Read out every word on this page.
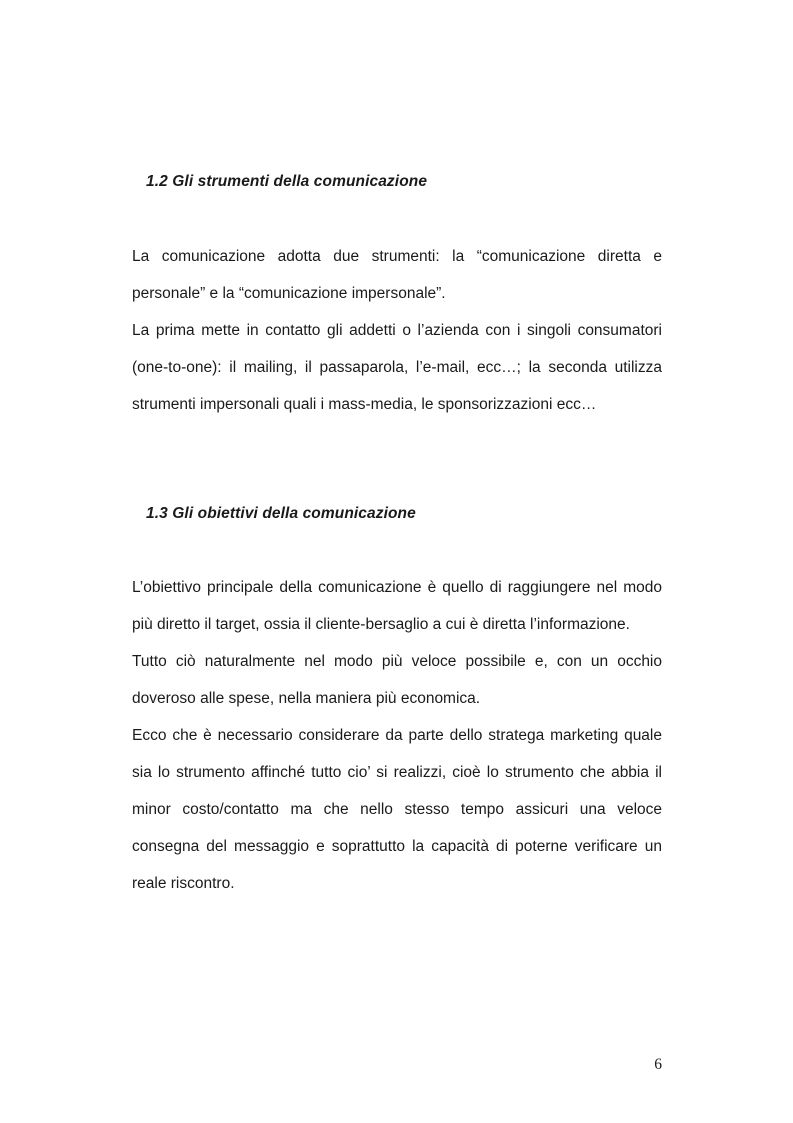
1.2 Gli strumenti della comunicazione

La comunicazione adotta due strumenti: la “comunicazione diretta e personale” e la “comunicazione impersonale”.

La prima mette in contatto gli addetti o l’azienda con i singoli consumatori (one-to-one): il mailing, il passaparola, l’e-mail, ecc…; la seconda utilizza strumenti impersonali quali i mass-media, le sponsorizzazioni ecc…

1.3 Gli obiettivi della comunicazione

L’obiettivo principale della comunicazione è quello di raggiungere nel modo più diretto il target, ossia il cliente-bersaglio a cui è diretta l’informazione.

Tutto ciò naturalmente nel modo più veloce possibile e, con un occhio doveroso alle spese, nella maniera più economica.

Ecco che è necessario considerare da parte dello stratega marketing quale sia lo strumento affinché tutto cio’ si realizzi, cioè lo strumento che abbia il minor costo/contatto ma che nello stesso tempo assicuri una veloce consegna del messaggio e soprattutto la capacità di poterne verificare un reale riscontro.

6
